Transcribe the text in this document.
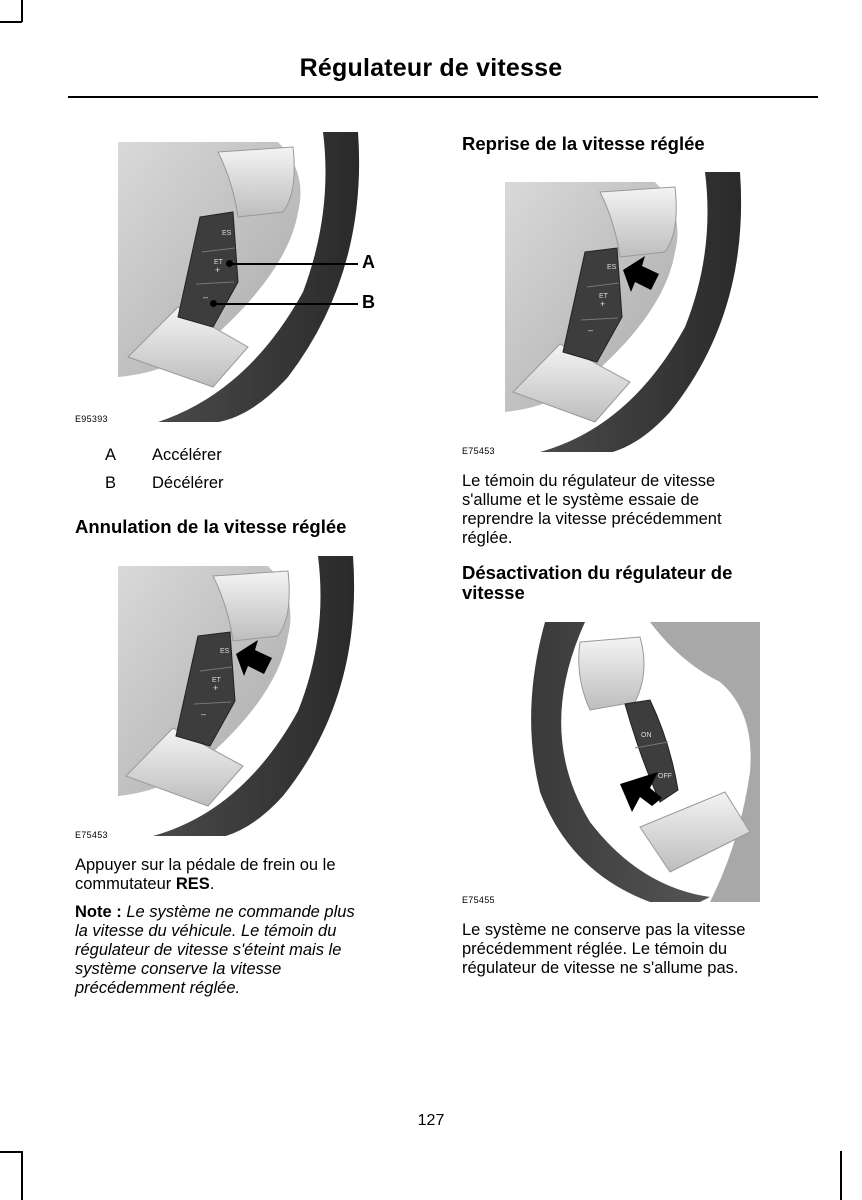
Régulateur de vitesse
ES
ET
+
–
A
B
E95393
A Accélérer
B Décélérer
Annulation de la vitesse réglée
ES
ET
+
–
E75453
Appuyer sur la pédale de frein ou le
commutateur RES.
Note : Le système ne commande plus
la vitesse du véhicule. Le témoin du
régulateur de vitesse s'éteint mais le
système conserve la vitesse
précédemment réglée.
Reprise de la vitesse réglée
ES
ET
+
–
E75453
Le témoin du régulateur de vitesse
s'allume et le système essaie de
reprendre la vitesse précédemment
réglée.
Désactivation du régulateur de
vitesse
ON
OFF
E75455
Le système ne conserve pas la vitesse
précédemment réglée. Le témoin du
régulateur de vitesse ne s'allume pas.
127
